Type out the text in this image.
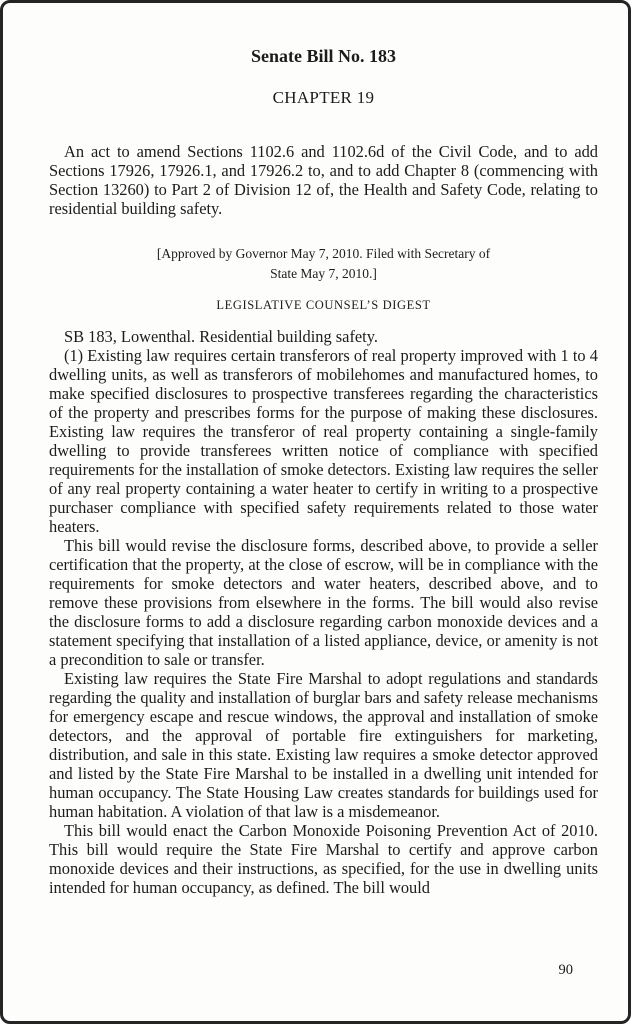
Senate Bill No. 183
CHAPTER 19
An act to amend Sections 1102.6 and 1102.6d of the Civil Code, and to add Sections 17926, 17926.1, and 17926.2 to, and to add Chapter 8 (commencing with Section 13260) to Part 2 of Division 12 of, the Health and Safety Code, relating to residential building safety.
[Approved by Governor May 7, 2010. Filed with Secretary of State May 7, 2010.]
LEGISLATIVE COUNSEL’S DIGEST

SB 183, Lowenthal. Residential building safety.

(1) Existing law requires certain transferors of real property improved with 1 to 4 dwelling units, as well as transferors of mobilehomes and manufactured homes, to make specified disclosures to prospective transferees regarding the characteristics of the property and prescribes forms for the purpose of making these disclosures. Existing law requires the transferor of real property containing a single-family dwelling to provide transferees written notice of compliance with specified requirements for the installation of smoke detectors. Existing law requires the seller of any real property containing a water heater to certify in writing to a prospective purchaser compliance with specified safety requirements related to those water heaters.

This bill would revise the disclosure forms, described above, to provide a seller certification that the property, at the close of escrow, will be in compliance with the requirements for smoke detectors and water heaters, described above, and to remove these provisions from elsewhere in the forms. The bill would also revise the disclosure forms to add a disclosure regarding carbon monoxide devices and a statement specifying that installation of a listed appliance, device, or amenity is not a precondition to sale or transfer.

Existing law requires the State Fire Marshal to adopt regulations and standards regarding the quality and installation of burglar bars and safety release mechanisms for emergency escape and rescue windows, the approval and installation of smoke detectors, and the approval of portable fire extinguishers for marketing, distribution, and sale in this state. Existing law requires a smoke detector approved and listed by the State Fire Marshal to be installed in a dwelling unit intended for human occupancy. The State Housing Law creates standards for buildings used for human habitation. A violation of that law is a misdemeanor.

This bill would enact the Carbon Monoxide Poisoning Prevention Act of 2010. This bill would require the State Fire Marshal to certify and approve carbon monoxide devices and their instructions, as specified, for the use in dwelling units intended for human occupancy, as defined. The bill would

90
